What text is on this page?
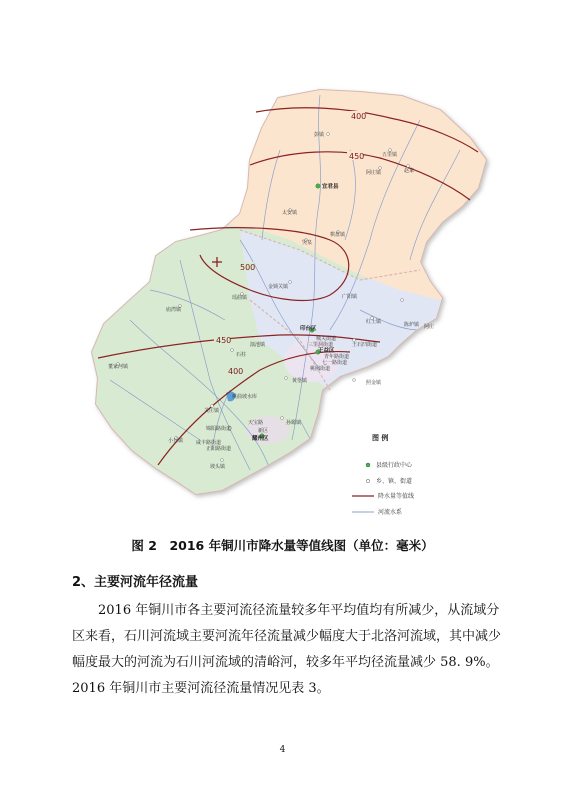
400
450
500
450
400
彭镇
五里镇
赵家
阿庄镇
宜君县
太安镇
哭泉
棋盘镇
金锁关镇
广阳镇
瑶曲镇
庙湾镇
红土镇
阿庄
陈炉镇
王石凹街道
城关街道
三里洞街道
青年路街道
七一路街道
桃园街道
黄堡镇
孙塬镇
照金镇
关庄镇
石柱
小丘镇
董家河镇
锦阳路街道
天宝路
新区
正阳路街道
咸丰路街道
坡头镇
演池镇
印台区
王益区
耀州区
桃曲坡水库
图 例
县级行政中心
乡、镇、街道
降水量等值线
河流水系
图 2　2016 年铜川市降水量等值线图（单位：毫米）
2、主要河流年径流量
2016 年铜川市各主要河流径流量较多年平均值均有所减少，从流域分区来看，石川河流域主要河流年径流量减少幅度大于北洛河流域，其中减少幅度最大的河流为石川河流域的清峪河，较多年平均径流量减少 58. 9%。2016 年铜川市主要河流径流量情况见表 3。
4
